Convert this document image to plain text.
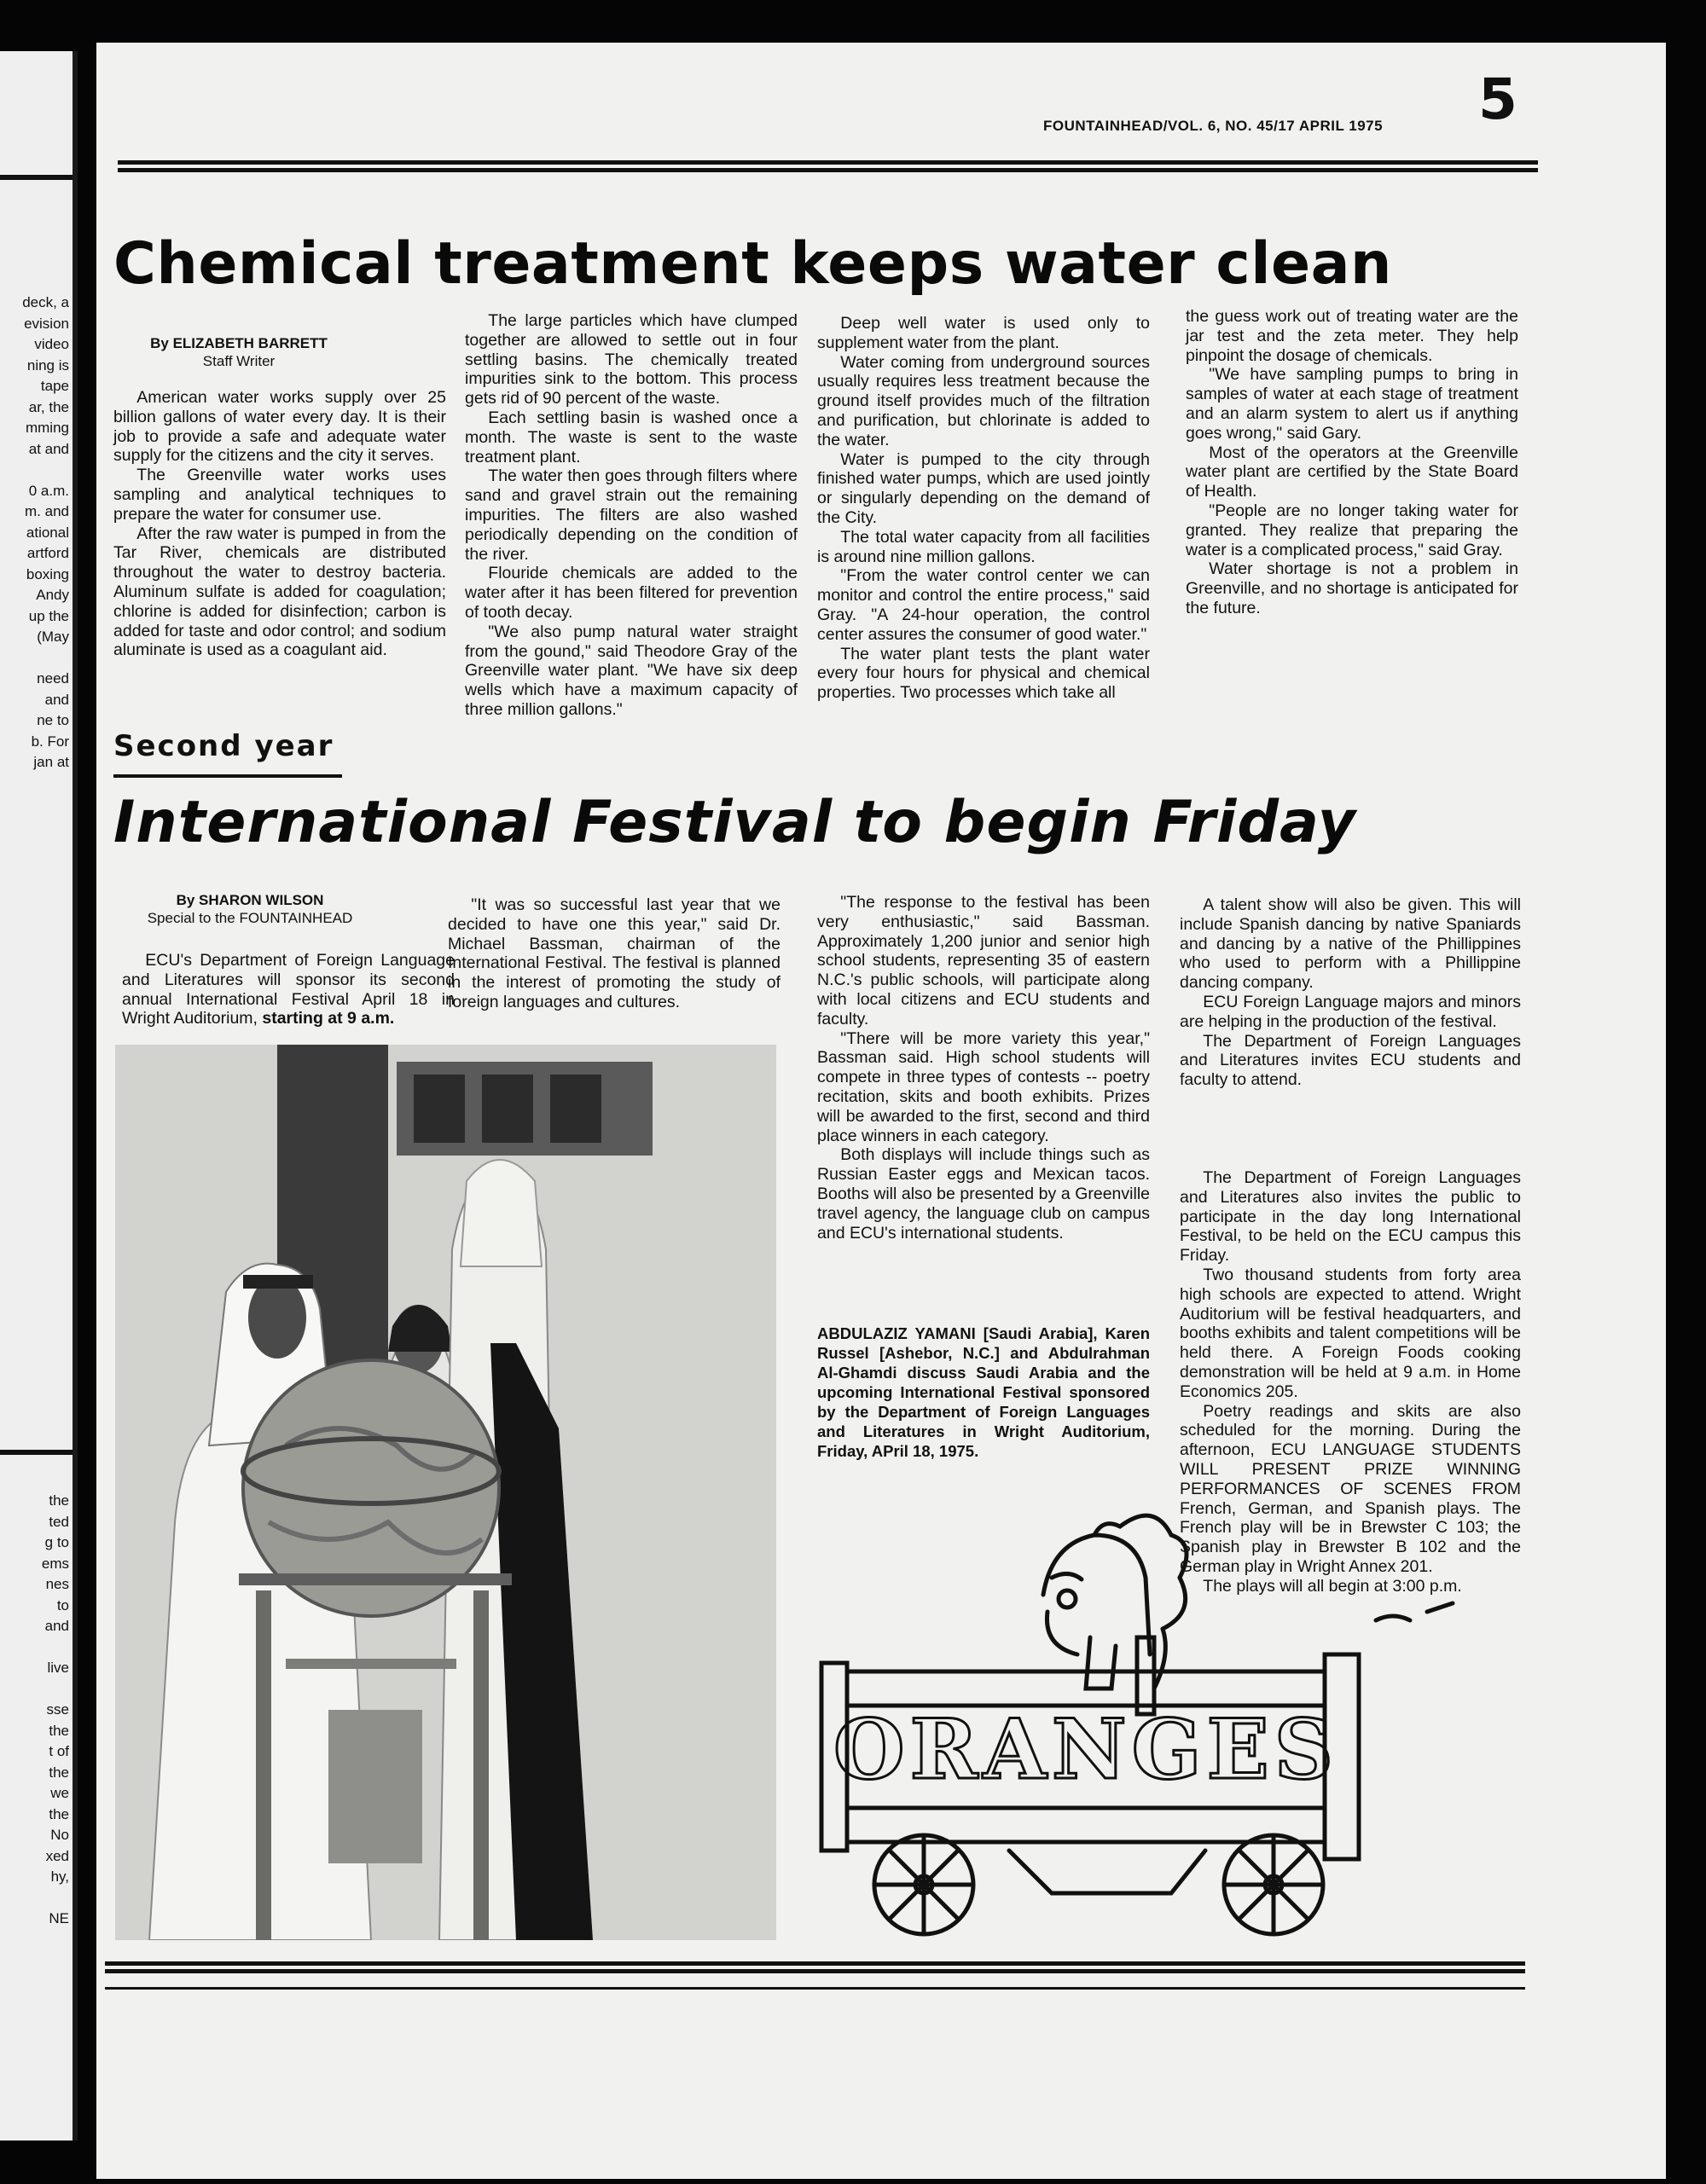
deck, a
evision
video
ning is
tape
ar, the
mming
at and
0 a.m.
m. and
ational
artford
boxing
Andy
up the
(May
need
and
ne to
b. For
jan at
the
ted
g to
ems
nes
to
and
live
sse
the
t of
the
we
the
No
xed
hy,
NE
FOUNTAINHEAD/VOL. 6, NO. 45/17 APRIL 1975 5
Chemical treatment keeps water clean
By ELIZABETH BARRETT
Staff Writer

American water works supply over 25 billion gallons of water every day. It is their job to provide a safe and adequate water supply for the citizens and the city it serves.

The Greenville water works uses sampling and analytical techniques to prepare the water for consumer use.

After the raw water is pumped in from the Tar River, chemicals are distributed throughout the water to destroy bacteria. Aluminum sulfate is added for coagulation; chlorine is added for disinfection; carbon is added for taste and odor control; and sodium aluminate is used as a coagulant aid.

The large particles which have clumped together are allowed to settle out in four settling basins. The chemically treated impurities sink to the bottom. This process gets rid of 90 percent of the waste.

Each settling basin is washed once a month. The waste is sent to the waste treatment plant.

The water then goes through filters where sand and gravel strain out the remaining impurities. The filters are also washed periodically depending on the condition of the river.

Flouride chemicals are added to the water after it has been filtered for prevention of tooth decay.

"We also pump natural water straight from the gound," said Theodore Gray of the Greenville water plant. "We have six deep wells which have a maximum capacity of three million gallons."

Deep well water is used only to supplement water from the plant.

Water coming from underground sources usually requires less treatment because the ground itself provides much of the filtration and purification, but chlorinate is added to the water.

Water is pumped to the city through finished water pumps, which are used jointly or singularly depending on the demand of the City.

The total water capacity from all facilities is around nine million gallons.

"From the water control center we can monitor and control the entire process," said Gray. "A 24-hour operation, the control center assures the consumer of good water."

The water plant tests the plant water every four hours for physical and chemical properties. Two processes which take all

the guess work out of treating water are the jar test and the zeta meter. They help pinpoint the dosage of chemicals.

"We have sampling pumps to bring in samples of water at each stage of treatment and an alarm system to alert us if anything goes wrong," said Gary.

Most of the operators at the Greenville water plant are certified by the State Board of Health.

"People are no longer taking water for granted. They realize that preparing the water is a complicated process," said Gray.

Water shortage is not a problem in Greenville, and no shortage is anticipated for the future.

Second year
International Festival to begin Friday
By SHARON WILSON
Special to the FOUNTAINHEAD

ECU's Department of Foreign Language and Literatures will sponsor its second annual International Festival April 18 in Wright Auditorium, starting at 9 a.m.

"It was so successful last year that we decided to have one this year," said Dr. Michael Bassman, chairman of the International Festival. The festival is planned in the interest of promoting the study of foreign languages and cultures.

"The response to the festival has been very enthusiastic," said Bassman. Approximately 1,200 junior and senior high school students, representing 35 of eastern N.C.'s public schools, will participate along with local citizens and ECU students and faculty.

"There will be more variety this year," Bassman said. High school students will compete in three types of contests -- poetry recitation, skits and booth exhibits. Prizes will be awarded to the first, second and third place winners in each category.

Both displays will include things such as Russian Easter eggs and Mexican tacos. Booths will also be presented by a Greenville travel agency, the language club on campus and ECU's international students.

ABDULAZIZ YAMANI [Saudi Arabia], Karen Russel [Ashebor, N.C.] and Abdulrahman Al-Ghamdi discuss Saudi Arabia and the upcoming International Festival sponsored by the Department of Foreign Languages and Literatures in Wright Auditorium, Friday, APril 18, 1975.

A talent show will also be given. This will include Spanish dancing by native Spaniards and dancing by a native of the Phillippines who used to perform with a Phillippine dancing company.

ECU Foreign Language majors and minors are helping in the production of the festival.

The Department of Foreign Languages and Literatures invites ECU students and faculty to attend.

The Department of Foreign Languages and Literatures also invites the public to participate in the day long International Festival, to be held on the ECU campus this Friday.

Two thousand students from forty area high schools are expected to attend. Wright Auditorium will be festival headquarters, and booths exhibits and talent competitions will be held there. A Foreign Foods cooking demonstration will be held at 9 a.m. in Home Economics 205.

Poetry readings and skits are also scheduled for the morning. During the afternoon, ECU LANGUAGE STUDENTS WILL PRESENT PRIZE WINNING PERFORMANCES OF SCENES FROM French, German, and Spanish plays. The French play will be in Brewster C 103; the Spanish play in Brewster B 102 and the German play in Wright Annex 201.

The plays will all begin at 3:00 p.m.

ORANGES
